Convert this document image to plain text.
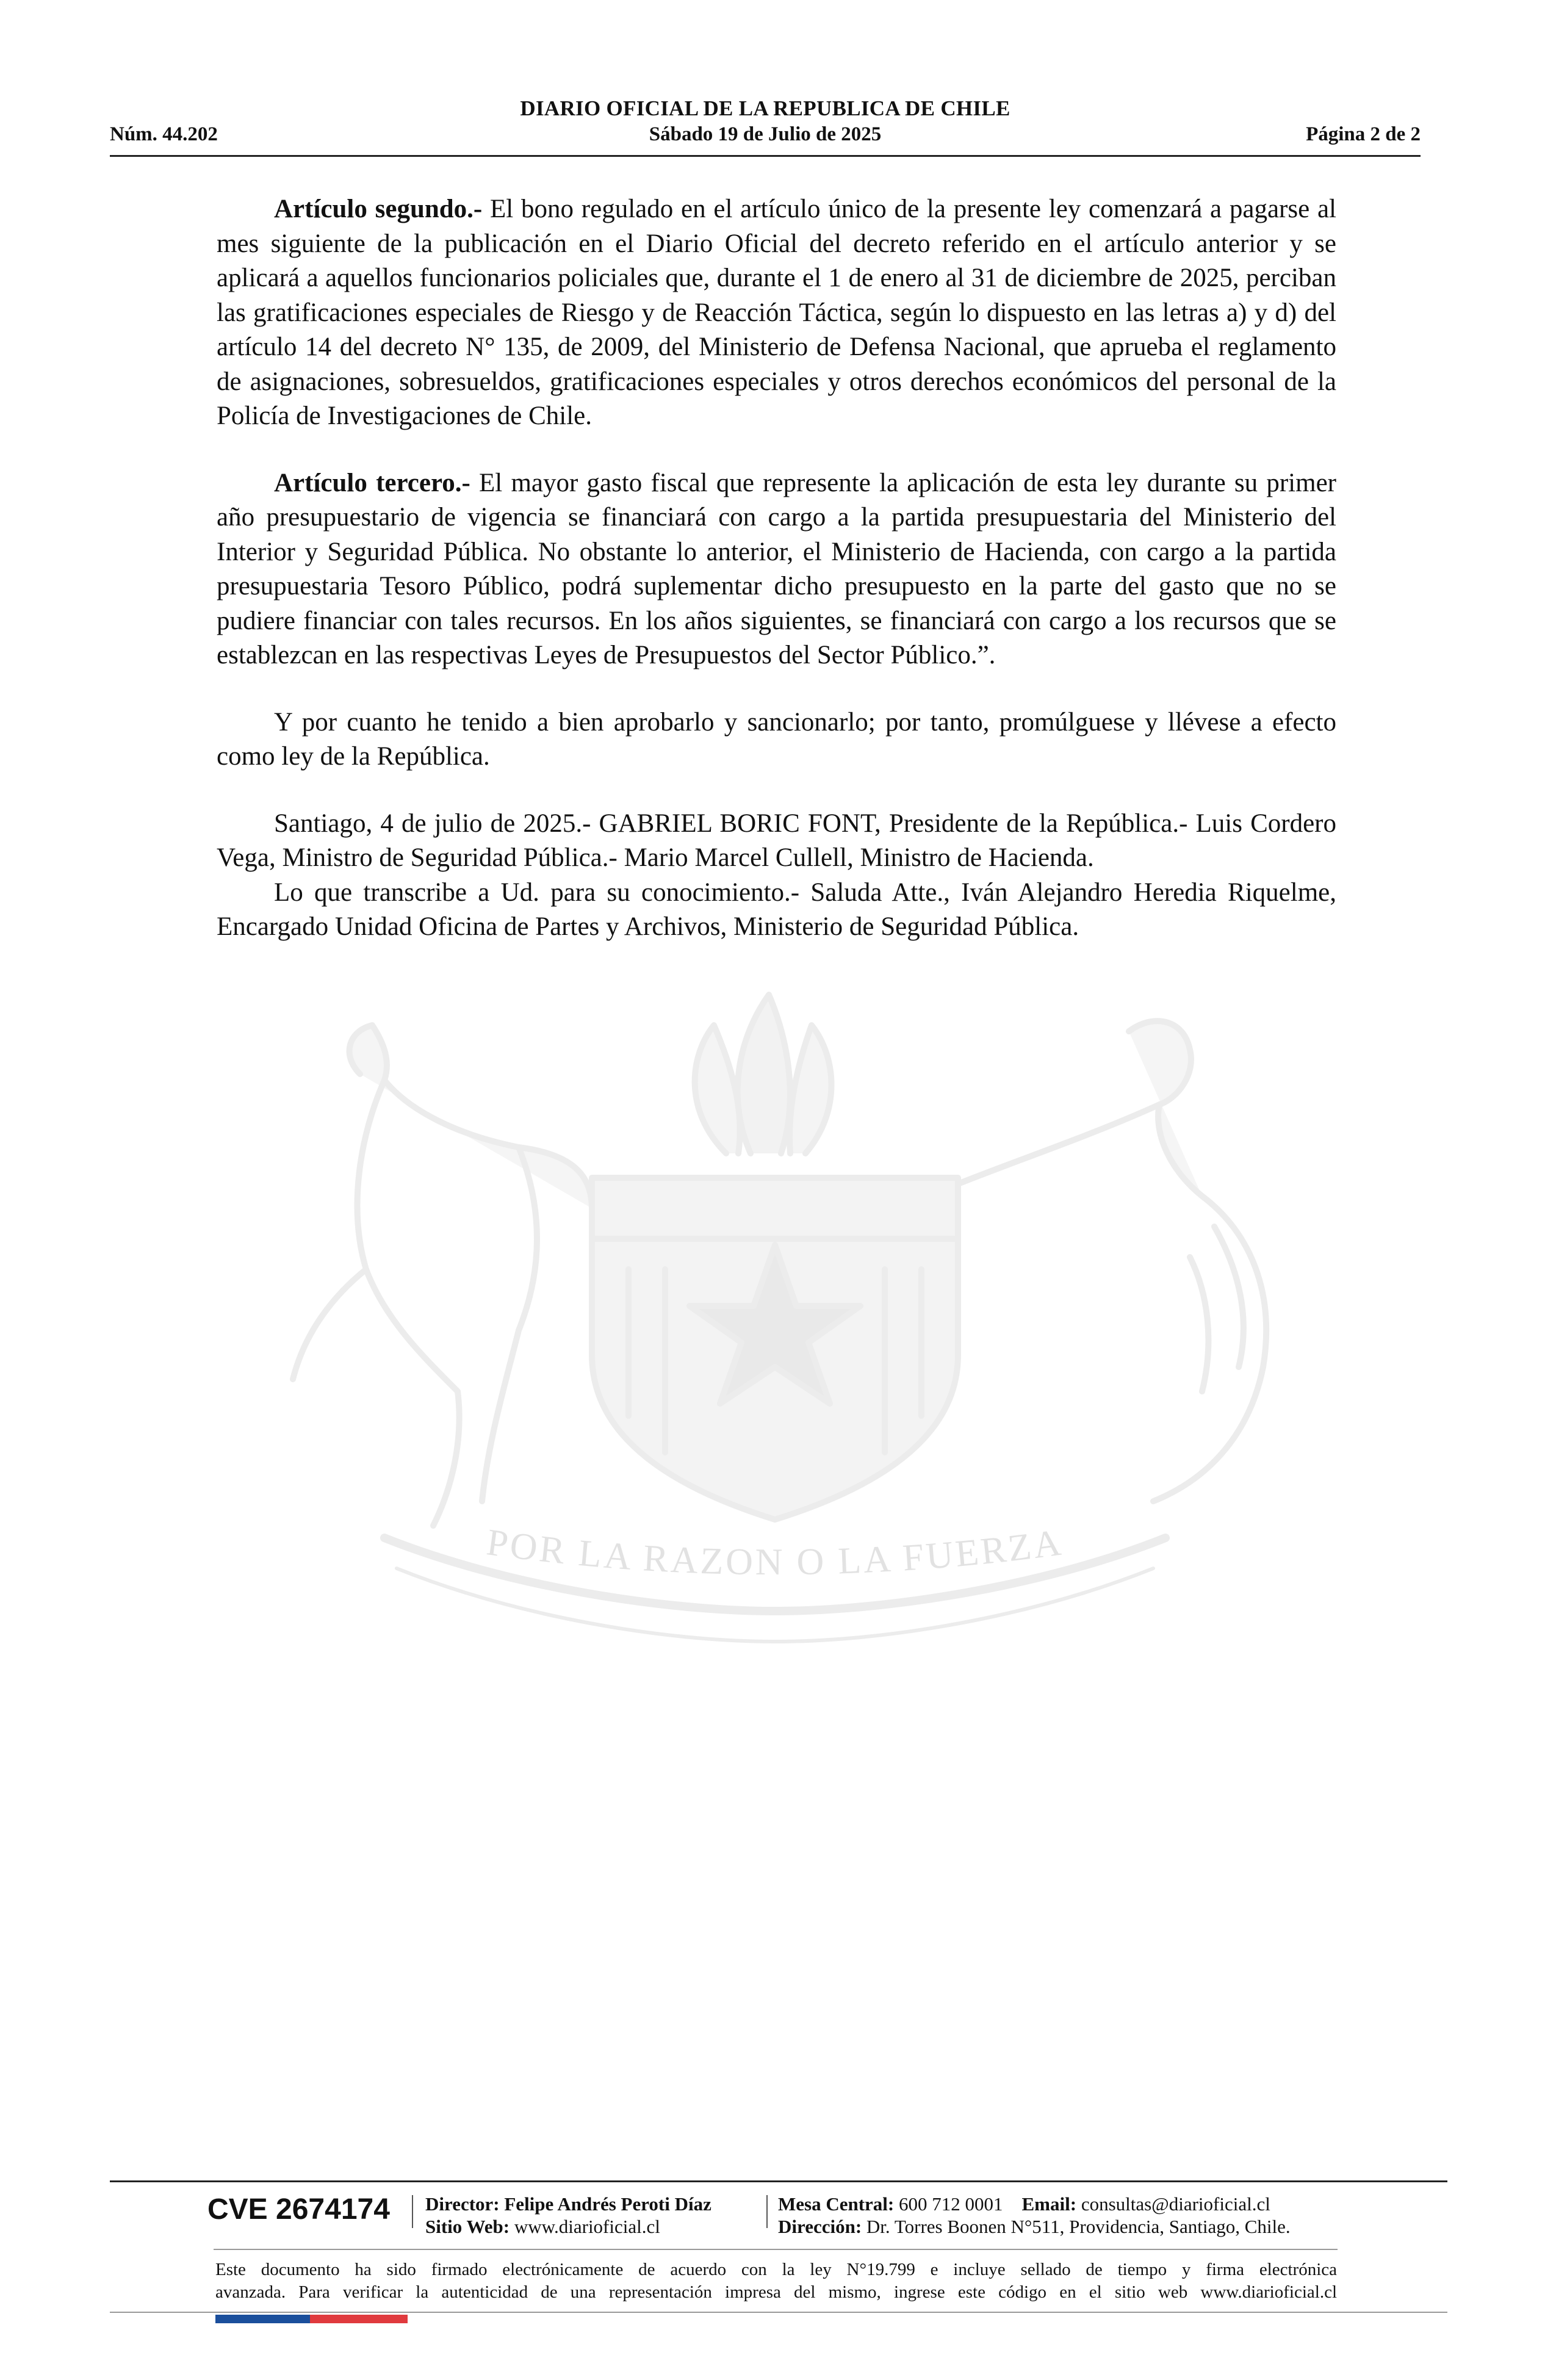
DIARIO OFICIAL DE LA REPUBLICA DE CHILE
Núm. 44.202	Sábado 19 de Julio de 2025	Página 2 de 2
POR LA RAZON O LA FUERZA

Artículo segundo.- El bono regulado en el artículo único de la presente ley comenzará a pagarse al mes siguiente de la publicación en el Diario Oficial del decreto referido en el artículo anterior y se aplicará a aquellos funcionarios policiales que, durante el 1 de enero al 31 de diciembre de 2025, perciban las gratificaciones especiales de Riesgo y de Reacción Táctica, según lo dispuesto en las letras a) y d) del artículo 14 del decreto N° 135, de 2009, del Ministerio de Defensa Nacional, que aprueba el reglamento de asignaciones, sobresueldos, gratificaciones especiales y otros derechos económicos del personal de la Policía de Investigaciones de Chile.

Artículo tercero.- El mayor gasto fiscal que represente la aplicación de esta ley durante su primer año presupuestario de vigencia se financiará con cargo a la partida presupuestaria del Ministerio del Interior y Seguridad Pública. No obstante lo anterior, el Ministerio de Hacienda, con cargo a la partida presupuestaria Tesoro Público, podrá suplementar dicho presupuesto en la parte del gasto que no se pudiere financiar con tales recursos. En los años siguientes, se financiará con cargo a los recursos que se establezcan en las respectivas Leyes de Presupuestos del Sector Público.”.

Y por cuanto he tenido a bien aprobarlo y sancionarlo; por tanto, promúlguese y llévese a efecto como ley de la República.

Santiago, 4 de julio de 2025.- GABRIEL BORIC FONT, Presidente de la República.- Luis Cordero Vega, Ministro de Seguridad Pública.- Mario Marcel Cullell, Ministro de Hacienda.

Lo que transcribe a Ud. para su conocimiento.- Saluda Atte., Iván Alejandro Heredia Riquelme, Encargado Unidad Oficina de Partes y Archivos, Ministerio de Seguridad Pública.

CVE 2674174 Director: Felipe Andrés Peroti Díaz
Sitio Web: www.diarioficial.cl
Mesa Central: 600 712 0001 Email: consultas@diarioficial.cl
Dirección: Dr. Torres Boonen N°511, Providencia, Santiago, Chile.
Este documento ha sido firmado electrónicamente de acuerdo con la ley N°19.799 e incluye sellado de tiempo y firma electrónica
avanzada. Para verificar la autenticidad de una representación impresa del mismo, ingrese este código en el sitio web www.diarioficial.cl
